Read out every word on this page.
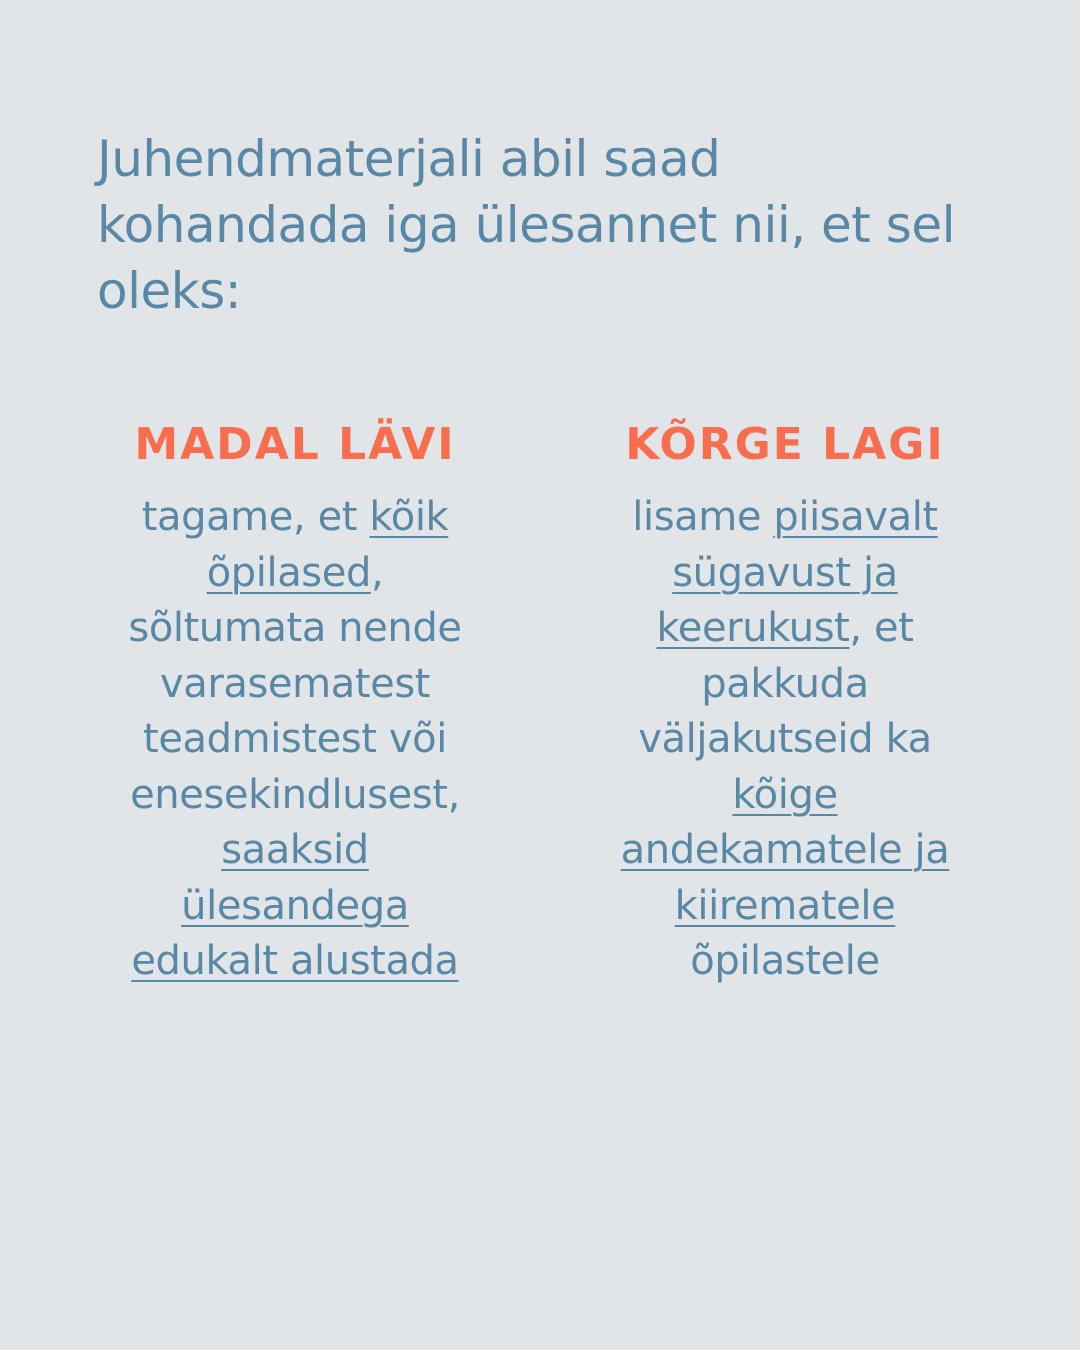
Juhendmaterjali abil saad kohandada iga ülesannet nii, et sel oleks:
MADAL LÄVI

tagame, et kõik õpilased, sõltumata nende varasematest teadmistest või enesekindlusest, saaksid ülesandega edukalt alustada

KÕRGE LAGI

lisame piisavalt sügavust ja keerukust, et pakkuda väljakutseid ka kõige andekamatele ja kiirematele õpilastele
